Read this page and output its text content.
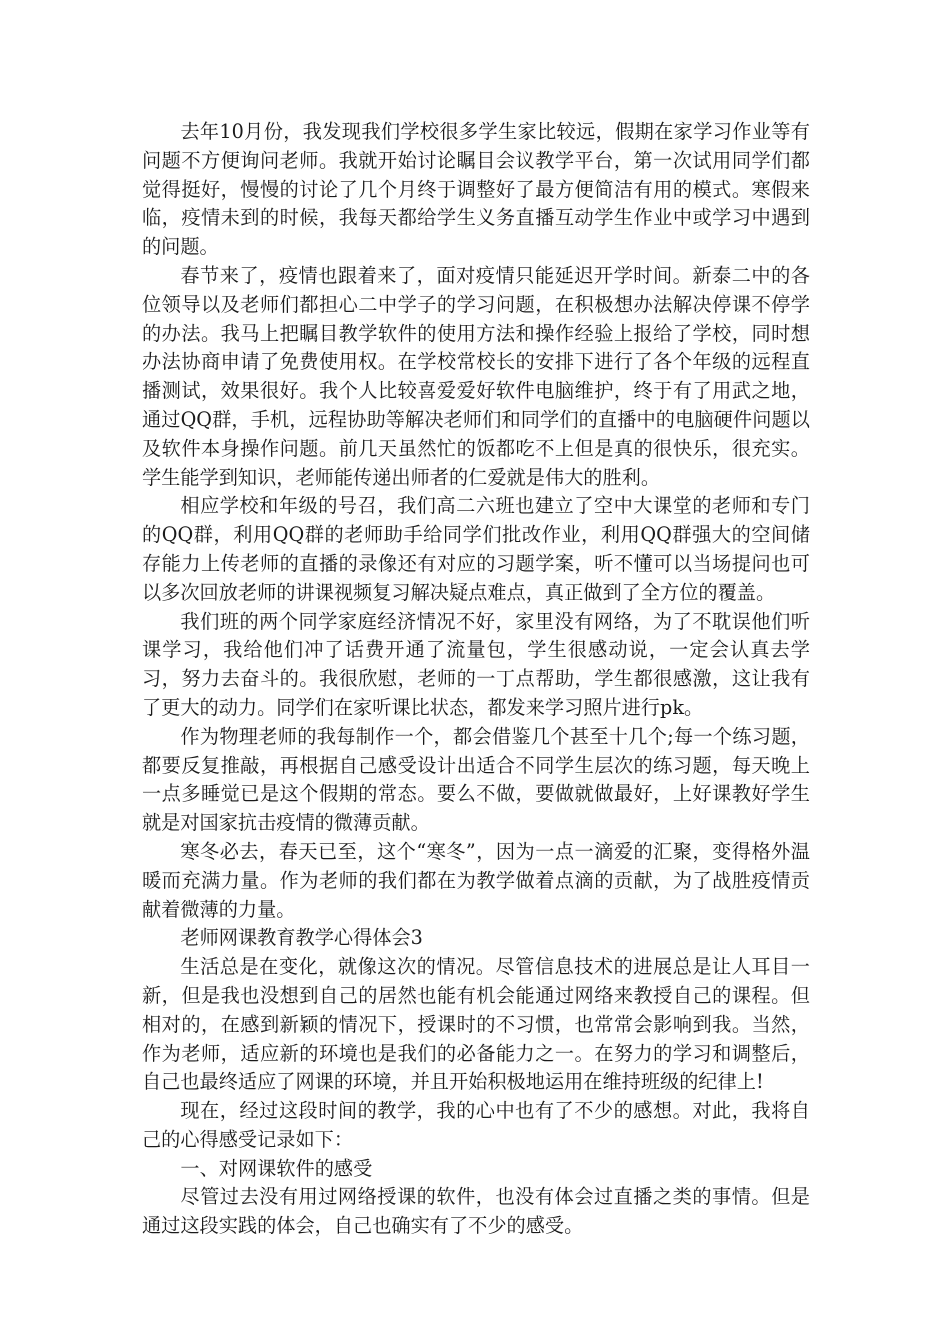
去年10月份，我发现我们学校很多学生家比较远，假期在家学习作业等有问题不方便询问老师。我就开始讨论瞩目会议教学平台，第一次试用同学们都觉得挺好，慢慢的讨论了几个月终于调整好了最方便简洁有用的模式。寒假来临，疫情未到的时候，我每天都给学生义务直播互动学生作业中或学习中遇到的问题。

春节来了，疫情也跟着来了，面对疫情只能延迟开学时间。新泰二中的各位领导以及老师们都担心二中学子的学习问题，在积极想办法解决停课不停学的办法。我马上把瞩目教学软件的使用方法和操作经验上报给了学校，同时想办法协商申请了免费使用权。在学校常校长的安排下进行了各个年级的远程直播测试，效果很好。我个人比较喜爱爱好软件电脑维护，终于有了用武之地，通过QQ群，手机，远程协助等解决老师们和同学们的直播中的电脑硬件问题以及软件本身操作问题。前几天虽然忙的饭都吃不上但是真的很快乐，很充实。学生能学到知识，老师能传递出师者的仁爱就是伟大的胜利。

相应学校和年级的号召，我们高二六班也建立了空中大课堂的老师和专门的QQ群，利用QQ群的老师助手给同学们批改作业，利用QQ群强大的空间储存能力上传老师的直播的录像还有对应的习题学案，听不懂可以当场提问也可以多次回放老师的讲课视频复习解决疑点难点，真正做到了全方位的覆盖。

我们班的两个同学家庭经济情况不好，家里没有网络，为了不耽误他们听课学习，我给他们冲了话费开通了流量包，学生很感动说，一定会认真去学习，努力去奋斗的。我很欣慰，老师的一丁点帮助，学生都很感激，这让我有了更大的动力。同学们在家听课比状态，都发来学习照片进行pk。

作为物理老师的我每制作一个，都会借鉴几个甚至十几个;每一个练习题，都要反复推敲，再根据自己感受设计出适合不同学生层次的练习题，每天晚上一点多睡觉已是这个假期的常态。要么不做，要做就做最好，上好课教好学生就是对国家抗击疫情的微薄贡献。

寒冬必去，春天已至，这个“寒冬”，因为一点一滴爱的汇聚，变得格外温暖而充满力量。作为老师的我们都在为教学做着点滴的贡献，为了战胜疫情贡献着微薄的力量。

老师网课教育教学心得体会3

生活总是在变化，就像这次的情况。尽管信息技术的进展总是让人耳目一新，但是我也没想到自己的居然也能有机会能通过网络来教授自己的课程。但相对的，在感到新颖的情况下，授课时的不习惯，也常常会影响到我。当然，作为老师，适应新的环境也是我们的必备能力之一。在努力的学习和调整后，自己也最终适应了网课的环境，并且开始积极地运用在维持班级的纪律上!

现在，经过这段时间的教学，我的心中也有了不少的感想。对此，我将自己的心得感受记录如下：

一、对网课软件的感受

尽管过去没有用过网络授课的软件，也没有体会过直播之类的事情。但是通过这段实践的体会，自己也确实有了不少的感受。
